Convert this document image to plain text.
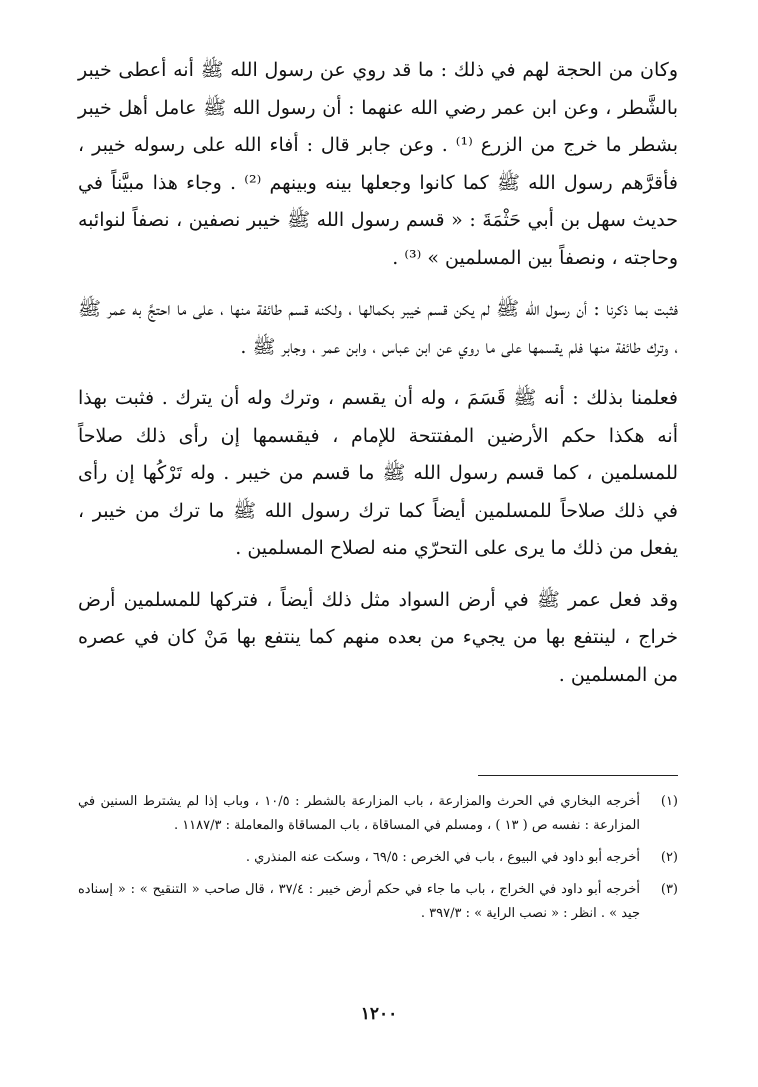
وكان من الحجة لهم في ذلك : ما قد روي عن رسول الله ﷺ أنه أعطى خيبر بالشَّطر ، وعن ابن عمر رضي الله عنهما : أن رسول الله ﷺ عامل أهل خيبر بشطر ما خرج من الزرع ⁽¹⁾ . وعن جابر قال : أفاء الله على رسوله خيبر ، فأقرَّهم رسول الله ﷺ كما كانوا وجعلها بينه وبينهم ⁽²⁾ . وجاء هذا مبيَّناً في حديث سهل بن أبي حَثْمَةَ : « قسم رسول الله ﷺ خيبر نصفين ، نصفاً لنوائبه وحاجته ، ونصفاً بين المسلمين » ⁽³⁾ .

فثبت بما ذكرنا : أن رسول الله ﷺ لم يكن قسم خيبر بكمالها ، ولكنه قسم طائفة منها ، على ما احتجَّ به عمر ﷺ ، وترك طائفة منها فلم يقسمها على ما روي عن ابن عباس ، وابن عمر ، وجابر ﷺ .

فعلمنا بذلك : أنه ﷺ قَسَمَ ، وله أن يقسم ، وترك وله أن يترك . فثبت بهذا أنه هكذا حكم الأرضين المفتتحة للإمام ، فيقسمها إن رأى ذلك صلاحاً للمسلمين ، كما قسم رسول الله ﷺ ما قسم من خيبر . وله تَرْكُها إن رأى في ذلك صلاحاً للمسلمين أيضاً كما ترك رسول الله ﷺ ما ترك من خيبر ، يفعل من ذلك ما يرى على التحرّي منه لصلاح المسلمين .

وقد فعل عمر ﷺ في أرض السواد مثل ذلك أيضاً ، فتركها للمسلمين أرض خراج ، لينتفع بها من يجيء من بعده منهم كما ينتفع بها مَنْ كان في عصره من المسلمين .

(١)
أخرجه البخاري في الحرث والمزارعة ، باب المزارعة بالشطر : ١٠/٥ ، وباب إذا لم يشترط السنين في المزارعة : نفسه ص ( ١٣ ) ، ومسلم في المساقاة ، باب المساقاة والمعاملة : ١١٨٧/٣ .
(٢)
أخرجه أبو داود في البيوع ، باب في الخرص : ٦٩/٥ ، وسكت عنه المنذري .
(٣)
أخرجه أبو داود في الخراج ، باب ما جاء في حكم أرض خيبر : ٣٧/٤ ، قال صاحب « التنقيح » : « إسناده جيد » . انظر : « نصب الراية » : ٣٩٧/٣ .
١٢٠٠
